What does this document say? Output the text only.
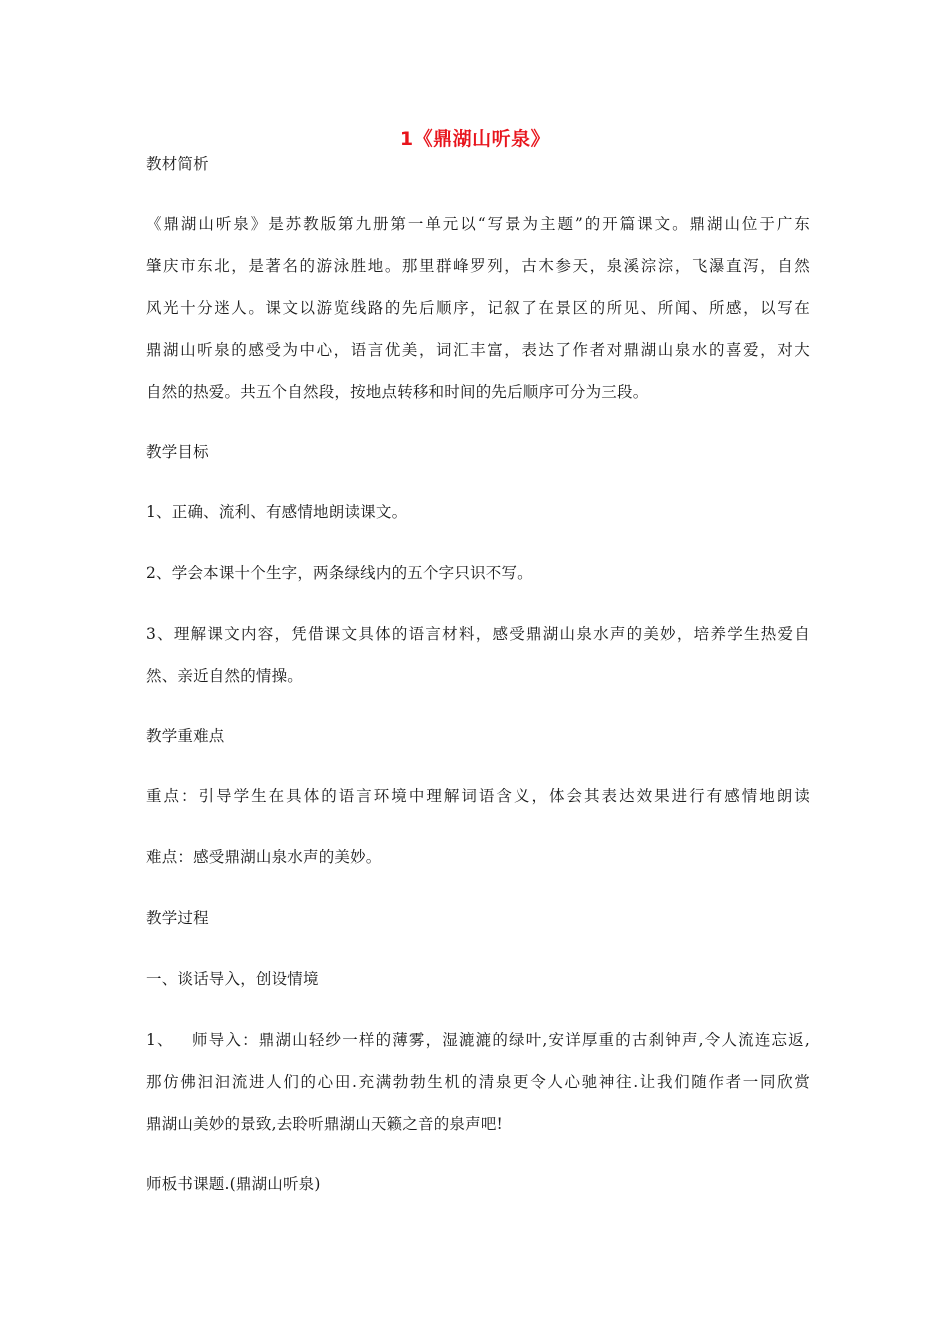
1《鼎湖山听泉》
教材简析
《鼎湖山听泉》是苏教版第九册第一单元以“写景为主题”的开篇课文。鼎湖山位于广东
肇庆市东北，是著名的游泳胜地。那里群峰罗列，古木参天，泉溪淙淙，飞瀑直泻，自然
风光十分迷人。课文以游览线路的先后顺序，记叙了在景区的所见、所闻、所感，以写在
鼎湖山听泉的感受为中心，语言优美，词汇丰富，表达了作者对鼎湖山泉水的喜爱，对大
自然的热爱。共五个自然段，按地点转移和时间的先后顺序可分为三段。
教学目标
1、正确、流利、有感情地朗读课文。
2、学会本课十个生字，两条绿线内的五个字只识不写。
3、理解课文内容，凭借课文具体的语言材料，感受鼎湖山泉水声的美妙，培养学生热爱自
然、亲近自然的情操。
教学重难点
重点：引导学生在具体的语言环境中理解词语含义，体会其表达效果进行有感情地朗读
难点：感受鼎湖山泉水声的美妙。
教学过程
一、谈话导入，创设情境
1、   师导入：鼎湖山轻纱一样的薄雾，湿漉漉的绿叶,安详厚重的古刹钟声,令人流连忘返,
那仿佛汩汩流进人们的心田.充满勃勃生机的清泉更令人心驰神往.让我们随作者一同欣赏
鼎湖山美妙的景致,去聆听鼎湖山天籁之音的泉声吧!
师板书课题.(鼎湖山听泉)
